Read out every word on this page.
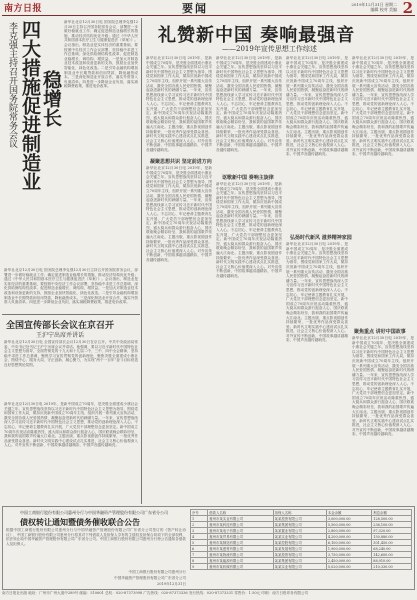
南方日报	要闻	2019年12月31日 星期二
编辑 校对 美编 2
李克强主持召开国务院常务会议 四大措施促进制造业 稳增长
新华社北京12月30日电 国务院总理李克强12月30日主持召开国务院常务会议，部署进一步做好稳就业工作；确定促进制造业稳增长的措施，推动经济结构优化升级；通过《中华人民共和国基本医疗卫生与健康促进法（草案）》。会议指出，制造业是实体经济的重要基础，要按照中央经济工作会议部署，坚持稳中求进工作总基调，深化供给侧结构性改革，促进制造业稳增长、调结构、增效益。一是加大对制造业技术改造和设备更新的支持，鼓励企业加快智能化、绿色化改造。二是引导金融机构增加制造业中长期贷款和信用贷款，降低融资成本。三是深化制造业开放合作，落实外资准入负面清单。四是进一步降低企业负担，落实减税降费政策，推进电价改革。
新华社北京12月30日电 国务院总理李克强12月30日主持召开国务院常务会议，部署进一步做好稳就业工作；确定促进制造业稳增长的措施，推动经济结构优化升级；通过《中华人民共和国基本医疗卫生与健康促进法（草案）》。会议指出，制造业是实体经济的重要基础，要按照中央经济工作会议部署，坚持稳中求进工作总基调，深化供给侧结构性改革，促进制造业稳增长、调结构、增效益。一是加大对制造业技术改造和设备更新的支持，鼓励企业加快智能化、绿色化改造。二是引导金融机构增加制造业中长期贷款和信用贷款，降低融资成本。三是深化制造业开放合作，落实外资准入负面清单。四是进一步降低企业负担，落实减税降费政策，推进电价改革。
全国宣传部长会议在京召开
王沪宁出席并讲话
新华社北京12月30日电 全国宣传部长会议12月30日在京召开。中共中央政治局常委、中央书记处书记王沪宁出席会议并讲话。他强调，要以习近平新时代中国特色社会主义思想为指导，全面贯彻党的十九大和十九届二中、三中、四中全会精神，坚持稳中求进工作总基调，聚焦学习宣传贯彻党的创新理论，聚焦决胜全面建成小康社会，围绕中心、服务大局，守正创新、凝心聚力，为实现“两个一百年”奋斗目标营造良好思想舆论氛围。
新华社北京12月30日电 2019年，是新中国成立70周年，是决胜全面建成小康社会关键之年。宣传思想战线坚持以习近平新时代中国特色社会主义思想为指导，围绕党和国家工作大局，紧扣庆祝新中国成立70周年主线，组织开展一系列重大宣传活动，激发全国各族人民爱国热情，凝聚起奋进新时代的磅礴力量。一年来，宣传思想战线深入学习宣传习近平新时代中国特色社会主义思想，推动党的创新理论深入人心。不忘初心、牢记使命主题教育扎实开展，广大党员干部理想信念更加坚定。新中国成立70周年庆祝活动隆重热烈，盛大阅兵和群众游行振奋人心，国庆联欢晚会精彩纷呈，我和我的祖国歌声传遍大江南北。主题出版、重点影视剧创作持续繁荣，一批优秀作品深受群众喜爱。新时代文明实践中心建设试点扎实推进，社会主义核心价值观深入人心。对外宣传不断创新，中国故事越讲越精彩，中国声音越传越响亮。
礼赞新中国 奏响最强音
——2019年宣传思想工作综述
新华社北京12月30日电 2019年，是新中国成立70周年，是决胜全面建成小康社会关键之年。宣传思想战线坚持以习近平新时代中国特色社会主义思想为指导，围绕党和国家工作大局，紧扣庆祝新中国成立70周年主线，组织开展一系列重大宣传活动，激发全国各族人民爱国热情，凝聚起奋进新时代的磅礴力量。一年来，宣传思想战线深入学习宣传习近平新时代中国特色社会主义思想，推动党的创新理论深入人心。不忘初心、牢记使命主题教育扎实开展，广大党员干部理想信念更加坚定。新中国成立70周年庆祝活动隆重热烈，盛大阅兵和群众游行振奋人心，国庆联欢晚会精彩纷呈，我和我的祖国歌声传遍大江南北。主题出版、重点影视剧创作持续繁荣，一批优秀作品深受群众喜爱。新时代文明实践中心建设试点扎实推进，社会主义核心价值观深入人心。对外宣传不断创新，中国故事越讲越精彩，中国声音越传越响亮。
凝聚思想共识 坚定前进方向
新华社北京12月30日电 2019年，是新中国成立70周年，是决胜全面建成小康社会关键之年。宣传思想战线坚持以习近平新时代中国特色社会主义思想为指导，围绕党和国家工作大局，紧扣庆祝新中国成立70周年主线，组织开展一系列重大宣传活动，激发全国各族人民爱国热情，凝聚起奋进新时代的磅礴力量。一年来，宣传思想战线深入学习宣传习近平新时代中国特色社会主义思想，推动党的创新理论深入人心。不忘初心、牢记使命主题教育扎实开展，广大党员干部理想信念更加坚定。新中国成立70周年庆祝活动隆重热烈，盛大阅兵和群众游行振奋人心，国庆联欢晚会精彩纷呈，我和我的祖国歌声传遍大江南北。主题出版、重点影视剧创作持续繁荣，一批优秀作品深受群众喜爱。新时代文明实践中心建设试点扎实推进，社会主义核心价值观深入人心。对外宣传不断创新，中国故事越讲越精彩，中国声音越传越响亮。
新华社北京12月30日电 2019年，是新中国成立70周年，是决胜全面建成小康社会关键之年。宣传思想战线坚持以习近平新时代中国特色社会主义思想为指导，围绕党和国家工作大局，紧扣庆祝新中国成立70周年主线，组织开展一系列重大宣传活动，激发全国各族人民爱国热情，凝聚起奋进新时代的磅礴力量。一年来，宣传思想战线深入学习宣传习近平新时代中国特色社会主义思想，推动党的创新理论深入人心。不忘初心、牢记使命主题教育扎实开展，广大党员干部理想信念更加坚定。新中国成立70周年庆祝活动隆重热烈，盛大阅兵和群众游行振奋人心，国庆联欢晚会精彩纷呈，我和我的祖国歌声传遍大江南北。主题出版、重点影视剧创作持续繁荣，一批优秀作品深受群众喜爱。新时代文明实践中心建设试点扎实推进，社会主义核心价值观深入人心。对外宣传不断创新，中国故事越讲越精彩，中国声音越传越响亮。
讴歌新中国 奏响主旋律
新华社北京12月30日电 2019年，是新中国成立70周年，是决胜全面建成小康社会关键之年。宣传思想战线坚持以习近平新时代中国特色社会主义思想为指导，围绕党和国家工作大局，紧扣庆祝新中国成立70周年主线，组织开展一系列重大宣传活动，激发全国各族人民爱国热情，凝聚起奋进新时代的磅礴力量。一年来，宣传思想战线深入学习宣传习近平新时代中国特色社会主义思想，推动党的创新理论深入人心。不忘初心、牢记使命主题教育扎实开展，广大党员干部理想信念更加坚定。新中国成立70周年庆祝活动隆重热烈，盛大阅兵和群众游行振奋人心，国庆联欢晚会精彩纷呈，我和我的祖国歌声传遍大江南北。主题出版、重点影视剧创作持续繁荣，一批优秀作品深受群众喜爱。新时代文明实践中心建设试点扎实推进，社会主义核心价值观深入人心。对外宣传不断创新，中国故事越讲越精彩，中国声音越传越响亮。
新华社北京12月30日电 2019年，是新中国成立70周年，是决胜全面建成小康社会关键之年。宣传思想战线坚持以习近平新时代中国特色社会主义思想为指导，围绕党和国家工作大局，紧扣庆祝新中国成立70周年主线，组织开展一系列重大宣传活动，激发全国各族人民爱国热情，凝聚起奋进新时代的磅礴力量。一年来，宣传思想战线深入学习宣传习近平新时代中国特色社会主义思想，推动党的创新理论深入人心。不忘初心、牢记使命主题教育扎实开展，广大党员干部理想信念更加坚定。新中国成立70周年庆祝活动隆重热烈，盛大阅兵和群众游行振奋人心，国庆联欢晚会精彩纷呈，我和我的祖国歌声传遍大江南北。主题出版、重点影视剧创作持续繁荣，一批优秀作品深受群众喜爱。新时代文明实践中心建设试点扎实推进，社会主义核心价值观深入人心。对外宣传不断创新，中国故事越讲越精彩，中国声音越传越响亮。
弘扬时代新风 滋养精神家园
新华社北京12月30日电 2019年，是新中国成立70周年，是决胜全面建成小康社会关键之年。宣传思想战线坚持以习近平新时代中国特色社会主义思想为指导，围绕党和国家工作大局，紧扣庆祝新中国成立70周年主线，组织开展一系列重大宣传活动，激发全国各族人民爱国热情，凝聚起奋进新时代的磅礴力量。一年来，宣传思想战线深入学习宣传习近平新时代中国特色社会主义思想，推动党的创新理论深入人心。不忘初心、牢记使命主题教育扎实开展，广大党员干部理想信念更加坚定。新中国成立70周年庆祝活动隆重热烈，盛大阅兵和群众游行振奋人心，国庆联欢晚会精彩纷呈，我和我的祖国歌声传遍大江南北。主题出版、重点影视剧创作持续繁荣，一批优秀作品深受群众喜爱。新时代文明实践中心建设试点扎实推进，社会主义核心价值观深入人心。对外宣传不断创新，中国故事越讲越精彩，中国声音越传越响亮。
新华社北京12月30日电 2019年，是新中国成立70周年，是决胜全面建成小康社会关键之年。宣传思想战线坚持以习近平新时代中国特色社会主义思想为指导，围绕党和国家工作大局，紧扣庆祝新中国成立70周年主线，组织开展一系列重大宣传活动，激发全国各族人民爱国热情，凝聚起奋进新时代的磅礴力量。一年来，宣传思想战线深入学习宣传习近平新时代中国特色社会主义思想，推动党的创新理论深入人心。不忘初心、牢记使命主题教育扎实开展，广大党员干部理想信念更加坚定。新中国成立70周年庆祝活动隆重热烈，盛大阅兵和群众游行振奋人心，国庆联欢晚会精彩纷呈，我和我的祖国歌声传遍大江南北。主题出版、重点影视剧创作持续繁荣，一批优秀作品深受群众喜爱。新时代文明实践中心建设试点扎实推进，社会主义核心价值观深入人心。对外宣传不断创新，中国故事越讲越精彩，中国声音越传越响亮。
聚焦重点 讲好中国故事
新华社北京12月30日电 2019年，是新中国成立70周年，是决胜全面建成小康社会关键之年。宣传思想战线坚持以习近平新时代中国特色社会主义思想为指导，围绕党和国家工作大局，紧扣庆祝新中国成立70周年主线，组织开展一系列重大宣传活动，激发全国各族人民爱国热情，凝聚起奋进新时代的磅礴力量。一年来，宣传思想战线深入学习宣传习近平新时代中国特色社会主义思想，推动党的创新理论深入人心。不忘初心、牢记使命主题教育扎实开展，广大党员干部理想信念更加坚定。新中国成立70周年庆祝活动隆重热烈，盛大阅兵和群众游行振奋人心，国庆联欢晚会精彩纷呈，我和我的祖国歌声传遍大江南北。主题出版、重点影视剧创作持续繁荣，一批优秀作品深受群众喜爱。新时代文明实践中心建设试点扎实推进，社会主义核心价值观深入人心。对外宣传不断创新，中国故事越讲越精彩，中国声音越传越响亮。
中国工商银行股份有限公司惠州分行与中国华融资产管理股份有限公司广东省分公司
债权转让通知暨债务催收联合公告
根据中国工商银行股份有限公司惠州分行与中国华融资产管理股份有限公司广东省分公司签订的《资产转让协议》，中国工商银行股份有限公司惠州分行将其对下列借款人及担保人享有的主债权及担保合同项下的全部权利，依法转让给中国华融资产管理股份有限公司广东省分公司。中国工商银行股份有限公司惠州分行特公告通知各借款人及担保人。
中国工商银行股份有限公司惠州分行
中国华融资产管理股份有限公司广东省分公司
2019年12月31日
序号	借款人名称	担保人名称	本金余额	利息余额
1	惠州市某实业有限公司	某某投资有限公司	3,000,000.00	128,500.00
2	惠州市某科技有限公司	某某集团有限公司	5,500,000.00	236,100.00
3	惠州市某电子有限公司	某某置业有限公司	2,800,000.00	97,320.00
4	惠州市某贸易有限公司	某某实业有限公司	4,200,000.00	150,880.00
5	惠州市某制造有限公司	某某控股有限公司	6,100,000.00	301,450.00
6	惠州市某建材有限公司	某某发展有限公司	1,900,000.00	68,240.00
7	惠州市某物流有限公司	某某投资有限公司	3,750,000.00	142,600.00
8	惠州市某能源有限公司	某某集团有限公司	2,450,000.00	88,910.00
9	惠州市某机械有限公司	某某实业有限公司	5,020,000.00	210,330.00
南方日报社出版 地址：广州市广州大道中289号 邮编：510601 总机：020-87373998 广告热线：020-87373336 发行热线：020-87373331 零售价：1.50元 印刷：南方日报印务有限公司
